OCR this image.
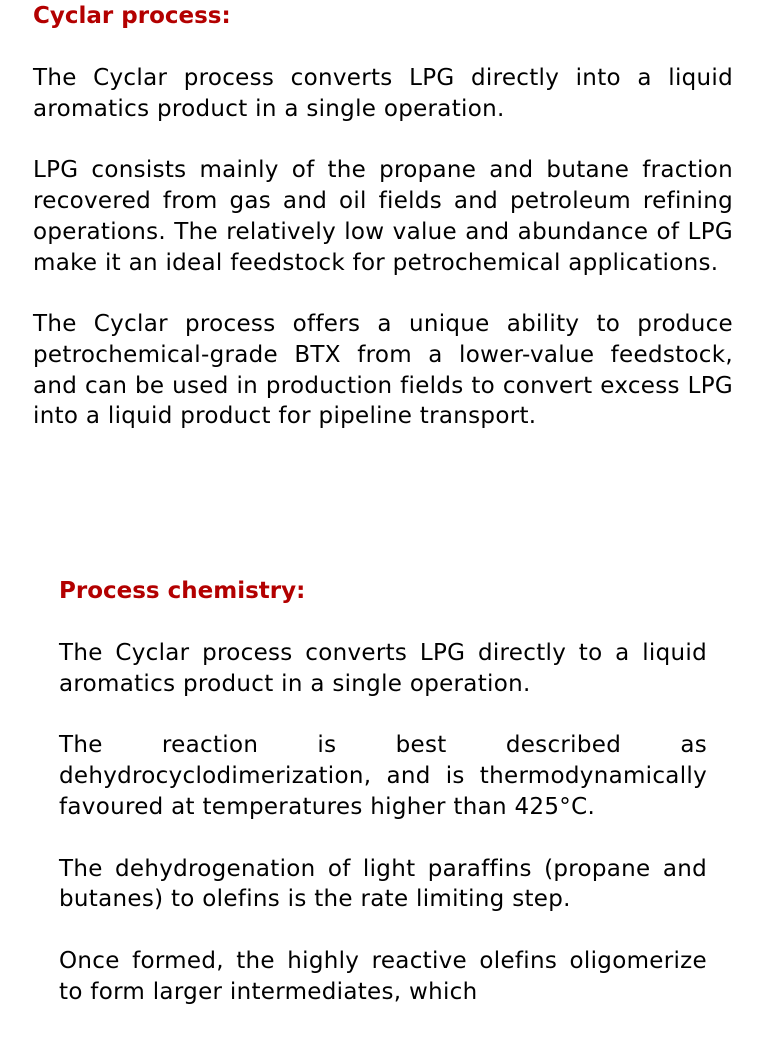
Cyclar process:

The Cyclar process converts LPG directly into a liquid aromatics product in a single operation.

LPG consists mainly of the propane and butane fraction recovered from gas and oil fields and petroleum refining operations. The relatively low value and abundance of LPG make it an ideal feedstock for petrochemical applications.

The Cyclar process offers a unique ability to produce petrochemical-grade BTX from a lower-value feedstock, and can be used in production fields to convert excess LPG into a liquid product for pipeline transport.

Process chemistry:

The Cyclar process converts LPG directly to a liquid aromatics product in a single operation.

The reaction is best described as dehydrocyclodimerization, and is thermodynamically favoured at temperatures higher than 425°C.

The dehydrogenation of light paraffins (propane and butanes) to olefins is the rate limiting step.

Once formed, the highly reactive olefins oligomerize to form larger intermediates, which
